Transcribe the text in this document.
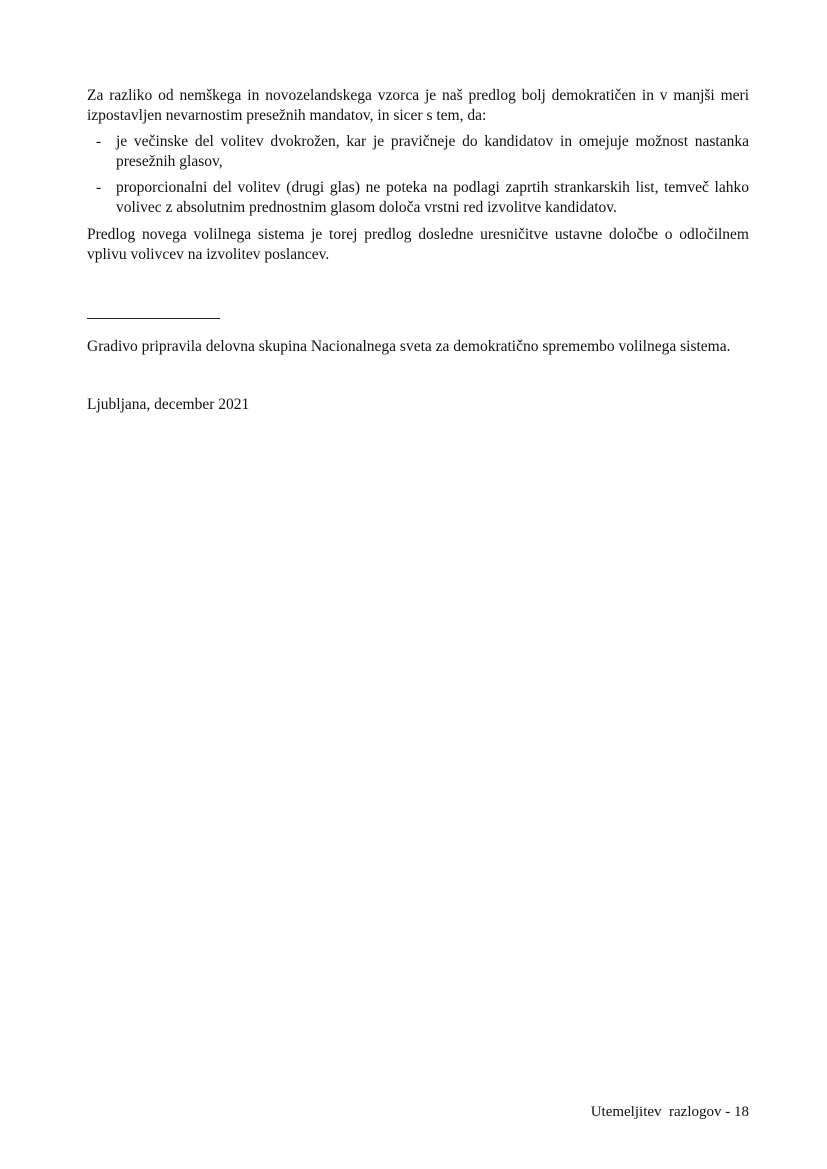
Za razliko od nemškega in novozelandskega vzorca je naš predlog bolj demokratičen in v manjši meri izpostavljen nevarnostim presežnih mandatov, in sicer s tem, da:

- je večinske del volitev dvokrožen, kar je pravičneje do kandidatov in omejuje možnost nastanka presežnih glasov,
- proporcionalni del volitev (drugi glas) ne poteka na podlagi zaprtih strankarskih list, temveč lahko volivec z absolutnim prednostnim glasom določa vrstni red izvolitve kandidatov.

Predlog novega volilnega sistema je torej predlog dosledne uresničitve ustavne določbe o odločilnem vplivu volivcev na izvolitev poslancev.

Gradivo pripravila delovna skupina Nacionalnega sveta za demokratično spremembo volilnega sistema.

Ljubljana, december 2021

Utemeljitev  razlogov - 18
